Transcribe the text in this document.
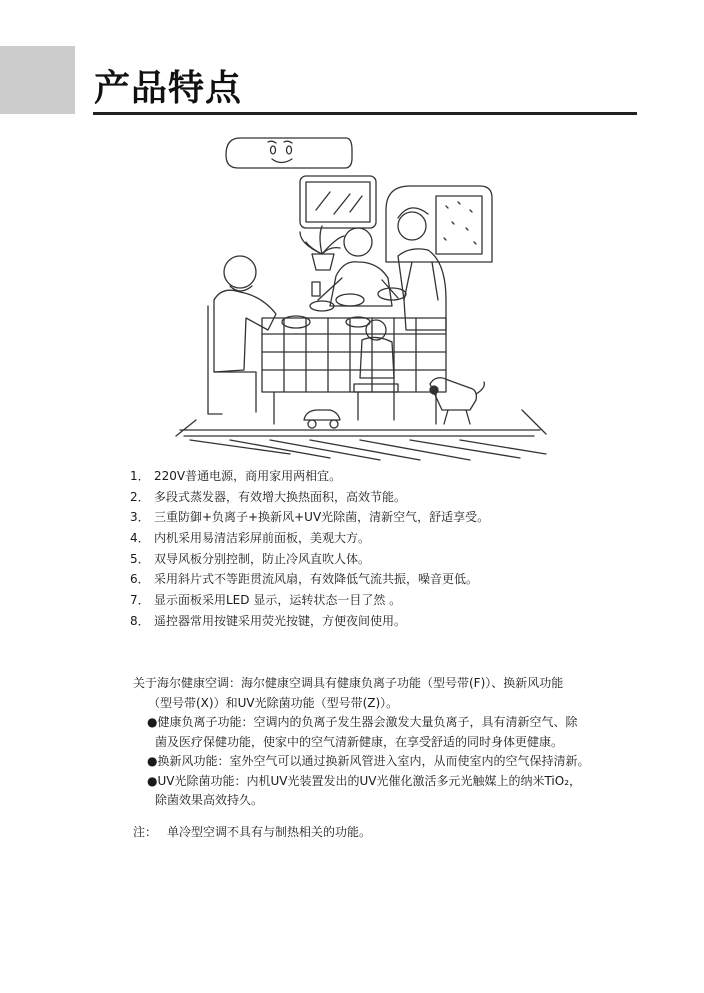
产品特点
1． 220V普通电源，商用家用两相宜。
2． 多段式蒸发器，有效增大换热面积，高效节能。
3． 三重防御+负离子+换新风+UV光除菌，清新空气，舒适享受。
4． 内机采用易清洁彩屏前面板，美观大方。
5． 双导风板分别控制，防止冷风直吹人体。
6． 采用斜片式不等距贯流风扇，有效降低气流共振，噪音更低。
7． 显示面板采用LED 显示，运转状态一目了然 。
8． 遥控器常用按键采用荧光按键，方便夜间使用。

关于海尔健康空调：海尔健康空调具有健康负离子功能（型号带(F)）、换新风功能

（型号带(X)）和UV光除菌功能（型号带(Z)）。

●健康负离子功能：空调内的负离子发生器会激发大量负离子，具有清新空气、除

菌及医疗保健功能，使家中的空气清新健康，在享受舒适的同时身体更健康。

●换新风功能：室外空气可以通过换新风管进入室内，从而使室内的空气保持清新。

●UV光除菌功能：内机UV光装置发出的UV光催化激活多元光触媒上的纳米TiO₂，

除菌效果高效持久。

注： 单冷型空调不具有与制热相关的功能。
